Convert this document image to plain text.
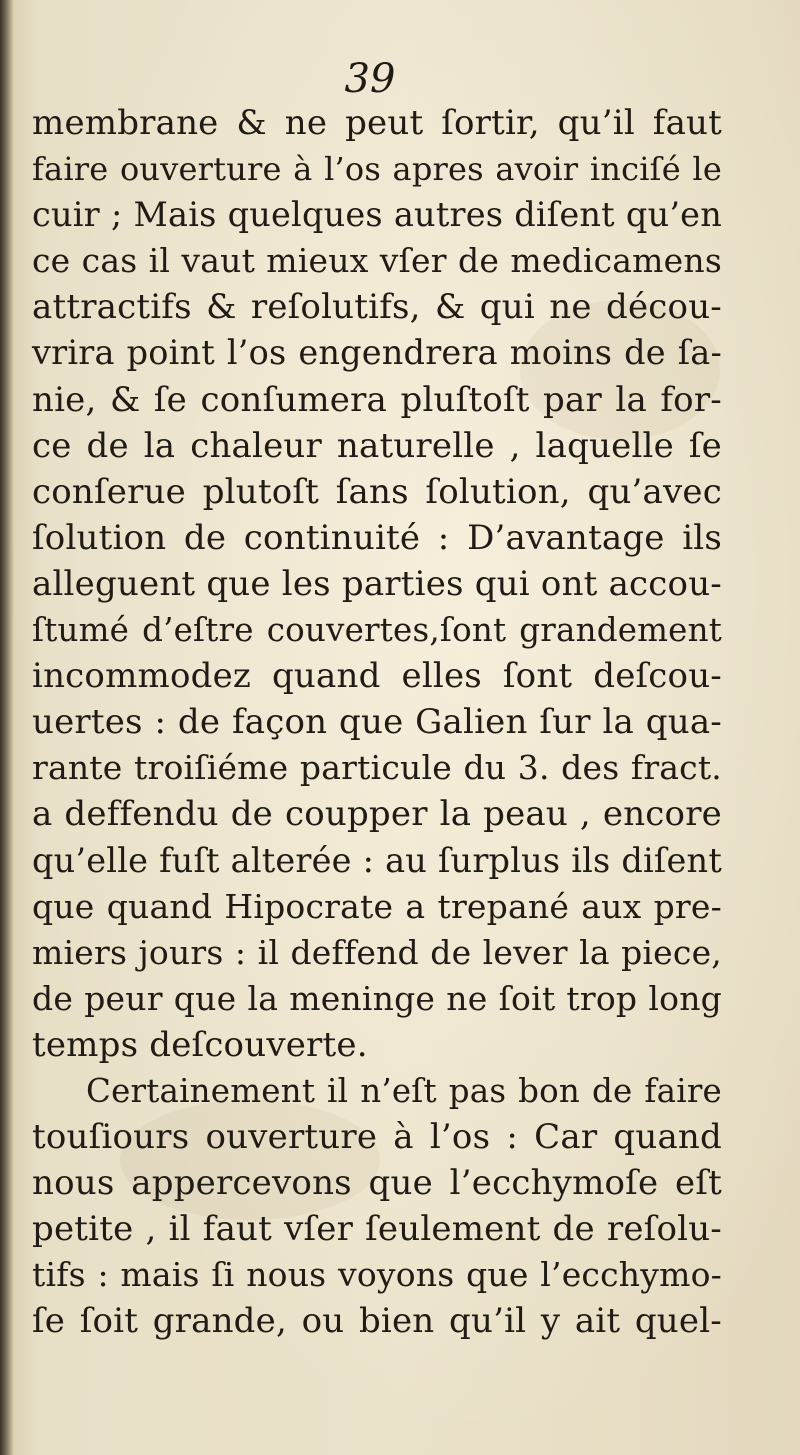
39
membrane & ne peut ſortir, qu’il faut
faire ouverture à l’os apres avoir inciſé le
cuir ; Mais quelques autres diſent qu’en
ce cas il vaut mieux vſer de medicamens
attractifs & reſolutifs, & qui ne décou-
vrira point l’os engendrera moins de ſa-
nie, & ſe conſumera pluſtoſt par la for-
ce de la chaleur naturelle , laquelle ſe
conſerue plutoſt ſans ſolution, qu’avec
ſolution de continuité : D’avantage ils
alleguent que les parties qui ont accou-
ſtumé d’eſtre couvertes,ſont grandement
incommodez quand elles ſont deſcou-
uertes : de façon que Galien ſur la qua-
rante troiſiéme particule du 3. des fract.
a deffendu de coupper la peau , encore
qu’elle fuſt alterée : au ſurplus ils diſent
que quand Hipocrate a trepané aux pre-
miers jours : il deffend de lever la piece,
de peur que la meninge ne ſoit trop long
temps deſcouverte.
Certainement il n’eſt pas bon de faire
touſiours ouverture à l’os : Car quand
nous appercevons que l’ecchymoſe eſt
petite , il faut vſer ſeulement de reſolu-
tifs : mais ſi nous voyons que l’ecchymo-
ſe ſoit grande, ou bien qu’il y ait quel-
